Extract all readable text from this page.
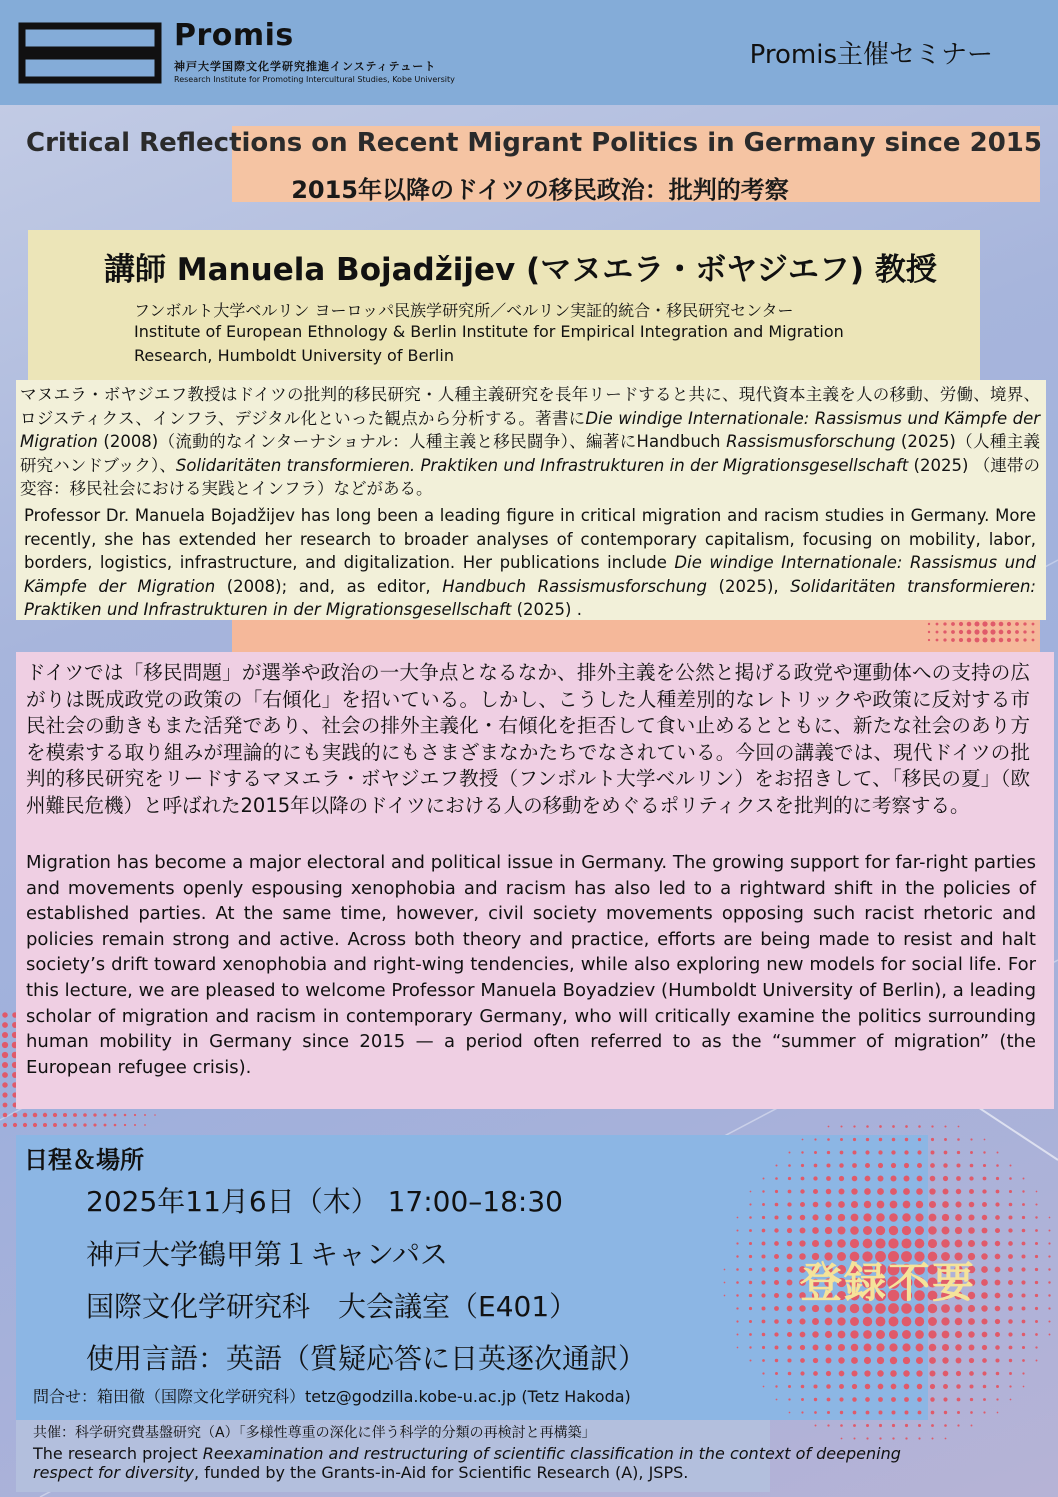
Promis
神戸大学国際文化学研究推進インスティテュート
Research Institute for Promoting Intercultural Studies, Kobe University
Promis主催セミナー
Critical Reflections on Recent Migrant Politics in Germany since 2015
2015年以降のドイツの移民政治：批判的考察
講師 Manuela Bojadžijev (マヌエラ・ボヤジエフ) 教授
フンボルト大学ベルリン ヨーロッパ民族学研究所／ベルリン実証的統合・移民研究センター
Institute of European Ethnology & Berlin Institute for Empirical Integration and Migration
Research, Humboldt University of Berlin
マヌエラ・ボヤジエフ教授はドイツの批判的移民研究・人種主義研究を長年リードすると共に、現代資本主義を人の移動、労働、境界、ロジスティクス、インフラ、デジタル化といった観点から分析する。著書にDie windige Internationale: Rassismus und Kämpfe der Migration (2008)（流動的なインターナショナル：人種主義と移民闘争）、編著にHandbuch Rassismusforschung (2025)（人種主義研究ハンドブック）、Solidaritäten transformieren. Praktiken und Infrastrukturen in der Migrationsgesellschaft (2025) （連帯の変容：移民社会における実践とインフラ）などがある。
Professor Dr. Manuela Bojadžijev has long been a leading figure in critical migration and racism studies in Germany. More recently, she has extended her research to broader analyses of contemporary capitalism, focusing on mobility, labor, borders, logistics, infrastructure, and digitalization. Her publications include Die windige Internationale: Rassismus und Kämpfe der Migration (2008); and, as editor, Handbuch Rassismusforschung (2025), Solidaritäten transformieren: Praktiken und Infrastrukturen in der Migrationsgesellschaft (2025) .
ドイツでは「移民問題」が選挙や政治の一大争点となるなか、排外主義を公然と掲げる政党や運動体への支持の広がりは既成政党の政策の「右傾化」を招いている。しかし、こうした人種差別的なレトリックや政策に反対する市民社会の動きもまた活発であり、社会の排外主義化・右傾化を拒否して食い止めるとともに、新たな社会のあり方を模索する取り組みが理論的にも実践的にもさまざまなかたちでなされている。今回の講義では、現代ドイツの批判的移民研究をリードするマヌエラ・ボヤジエフ教授（フンボルト大学ベルリン）をお招きして、「移民の夏」（欧州難民危機）と呼ばれた2015年以降のドイツにおける人の移動をめぐるポリティクスを批判的に考察する。
Migration has become a major electoral and political issue in Germany. The growing support for far-right parties and movements openly espousing xenophobia and racism has also led to a rightward shift in the policies of established parties. At the same time, however, civil society movements opposing such racist rhetoric and policies remain strong and active. Across both theory and practice, efforts are being made to resist and halt society’s drift toward xenophobia and right-wing tendencies, while also exploring new models for social life. For this lecture, we are pleased to welcome Professor Manuela Boyadziev (Humboldt University of Berlin), a leading scholar of migration and racism in contemporary Germany, who will critically examine the politics surrounding human mobility in Germany since 2015 — a period often referred to as the “summer of migration” (the European refugee crisis).
日程＆場所
2025年11月6日（木） 17:00–18:30
神戸大学鶴甲第１キャンパス
国際文化学研究科　大会議室（E401）
使用言語：英語（質疑応答に日英逐次通訳）
問合せ：箱田徹（国際文化学研究科）tetz@godzilla.kobe-u.ac.jp (Tetz Hakoda)
登録不要
共催：科学研究費基盤研究（A）「多様性尊重の深化に伴う科学的分類の再検討と再構築」
The research project Reexamination and restructuring of scientific classification in the context of deepening respect for diversity, funded by the Grants-in-Aid for Scientific Research (A), JSPS.
